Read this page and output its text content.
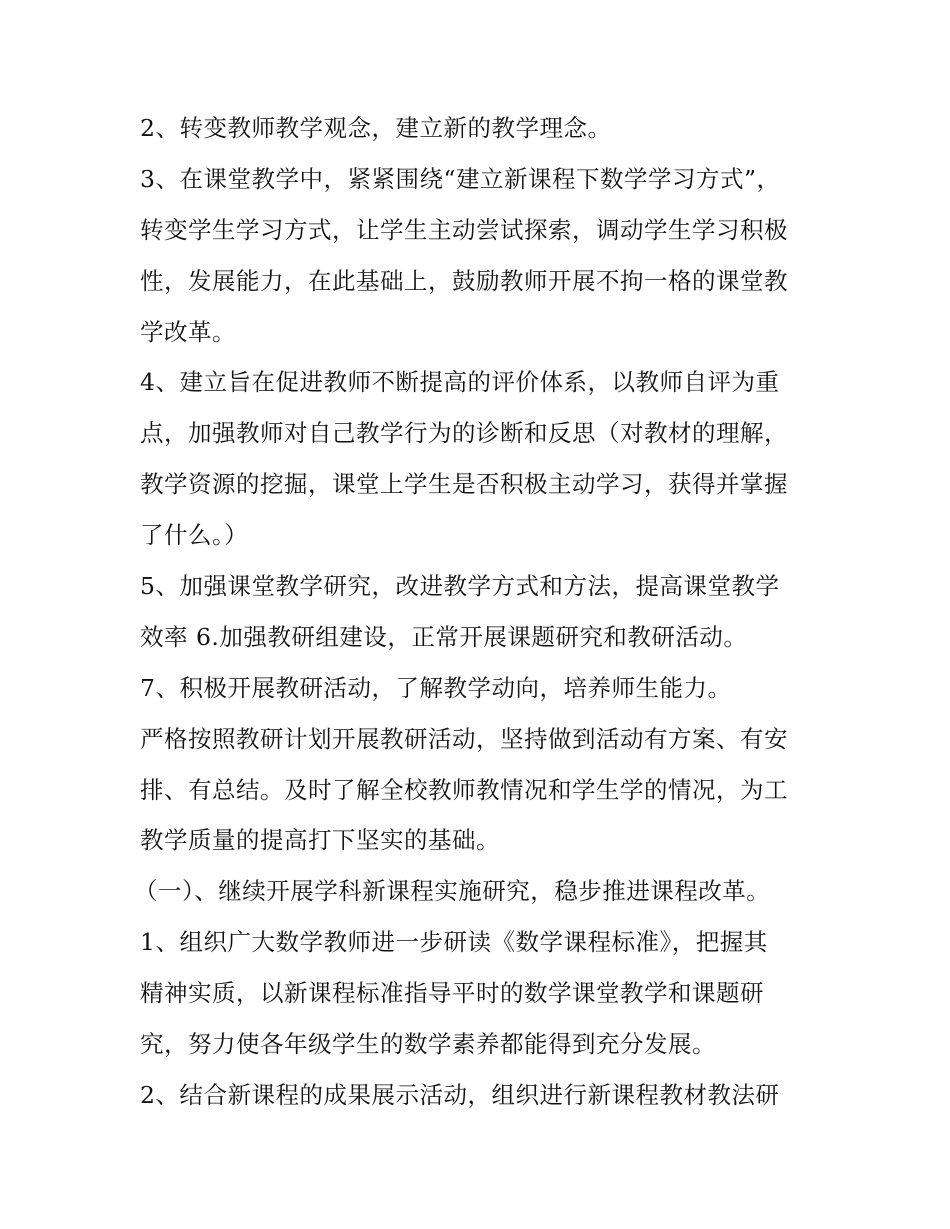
2、转变教师教学观念，建立新的教学理念。
3、在课堂教学中，紧紧围绕“建立新课程下数学学习方式”，
转变学生学习方式，让学生主动尝试探索，调动学生学习积极
性，发展能力，在此基础上，鼓励教师开展不拘一格的课堂教
学改革。
4、建立旨在促进教师不断提高的评价体系，以教师自评为重
点，加强教师对自己教学行为的诊断和反思（对教材的理解，
教学资源的挖掘，课堂上学生是否积极主动学习，获得并掌握
了什么。）
5、加强课堂教学研究，改进教学方式和方法，提高课堂教学
效率 6.加强教研组建设，正常开展课题研究和教研活动。
7、积极开展教研活动，了解教学动向，培养师生能力。
严格按照教研计划开展教研活动，坚持做到活动有方案、有安
排、有总结。及时了解全校教师教情况和学生学的情况，为工
教学质量的提高打下坚实的基础。
（一）、继续开展学科新课程实施研究，稳步推进课程改革。
1、组织广大数学教师进一步研读《数学课程标准》，把握其
精神实质，以新课程标准指导平时的数学课堂教学和课题研
究，努力使各年级学生的数学素养都能得到充分发展。
2、结合新课程的成果展示活动，组织进行新课程教材教法研
